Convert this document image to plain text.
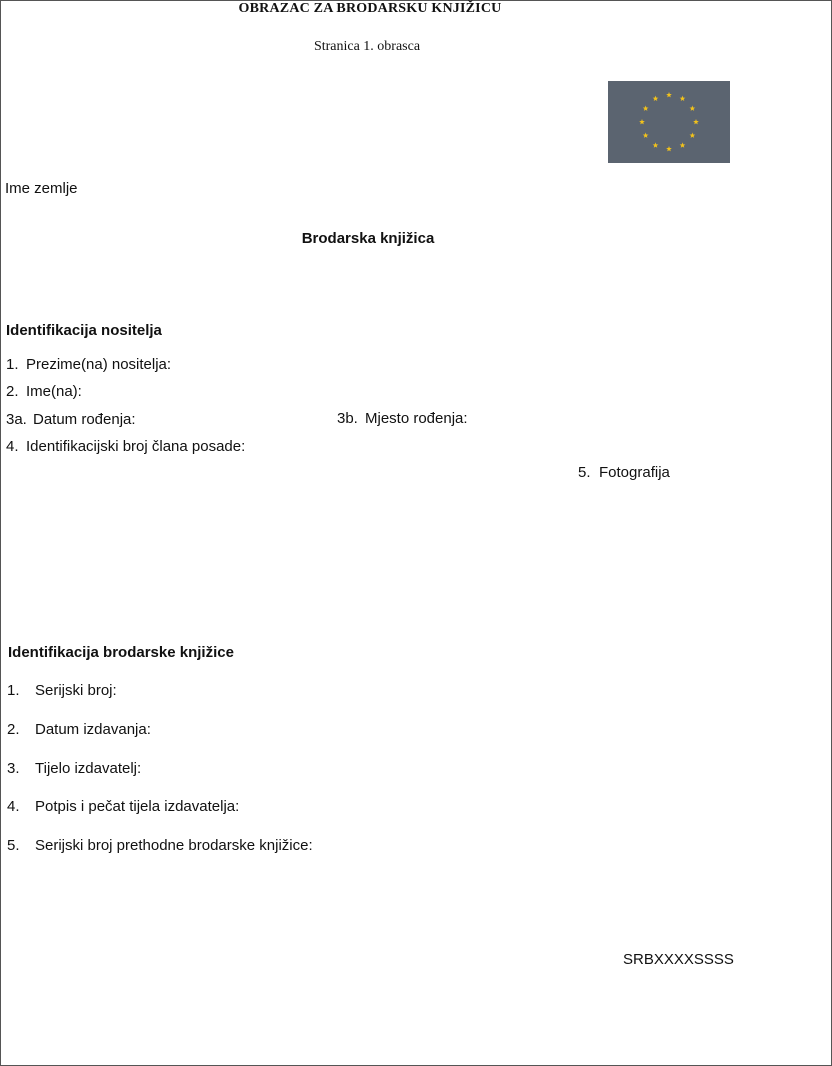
OBRAZAC ZA BRODARSKU KNJIŽICU
Stranica 1. obrasca
Ime zemlje
Brodarska knjižica
Identifikacija nositelja
1. Prezime(na) nositelja:
2. Ime(na):
3a. Datum rođenja:	3b. Mjesto rođenja:
4. Identifikacijski broj člana posade:
5. Fotografija
Identifikacija brodarske knjižice
1. Serijski broj:
2. Datum izdavanja:
3. Tijelo izdavatelj:
4. Potpis i pečat tijela izdavatelja:
5. Serijski broj prethodne brodarske knjižice:
SRBXXXXSSSS
